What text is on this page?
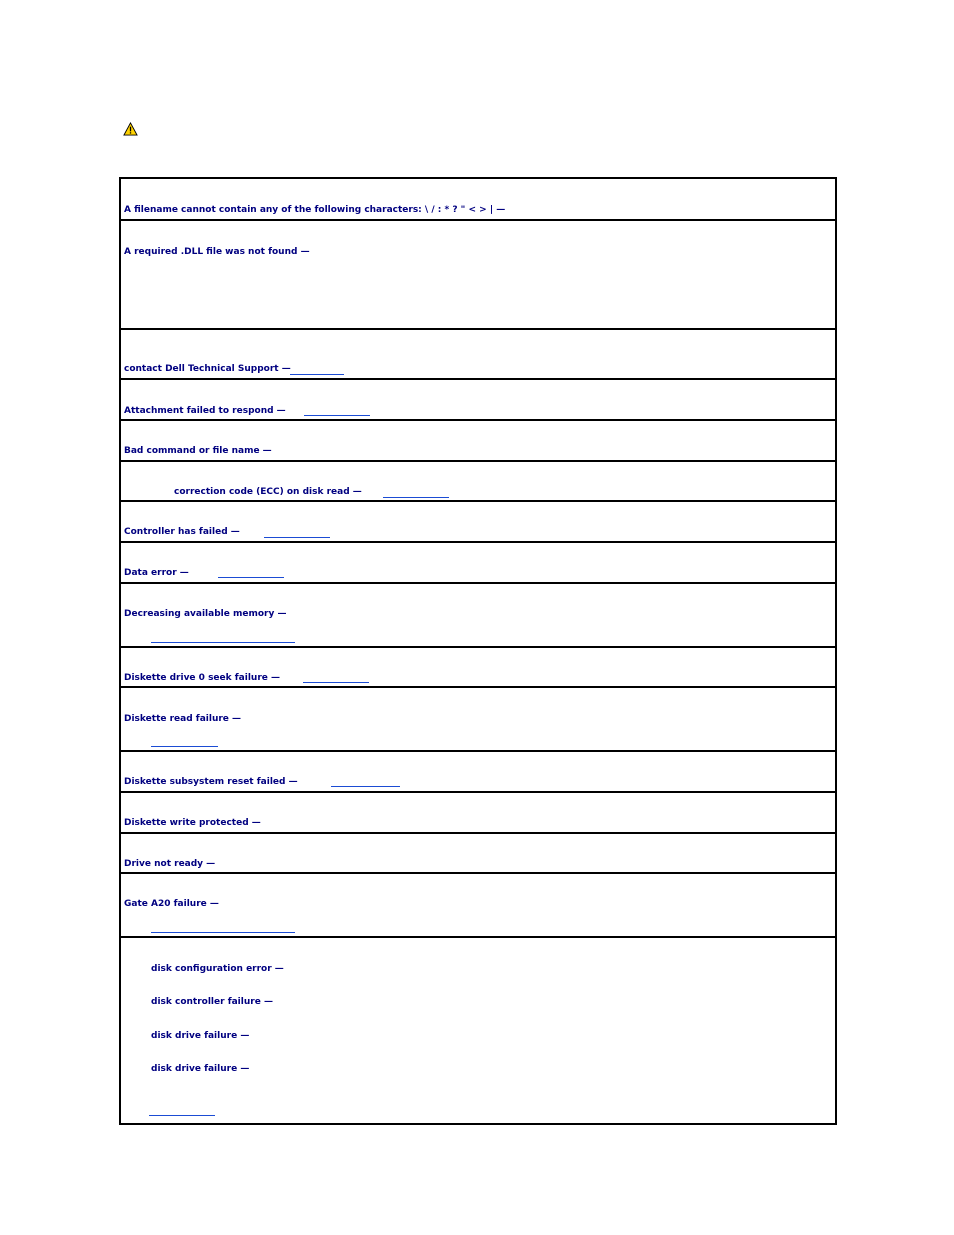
A filename cannot contain any of the following characters: \ / : * ? " < > | —
A required .DLL file was not found —
contact Dell Technical Support —
Attachment failed to respond —
Bad command or file name —
correction code (ECC) on disk read —
Controller has failed —
Data error —
Decreasing available memory —
Diskette drive 0 seek failure —
Diskette read failure —
Diskette subsystem reset failed —
Diskette write protected —
Drive not ready —
Gate A20 failure —
disk configuration error —
disk controller failure —
disk drive failure —
disk drive failure —
